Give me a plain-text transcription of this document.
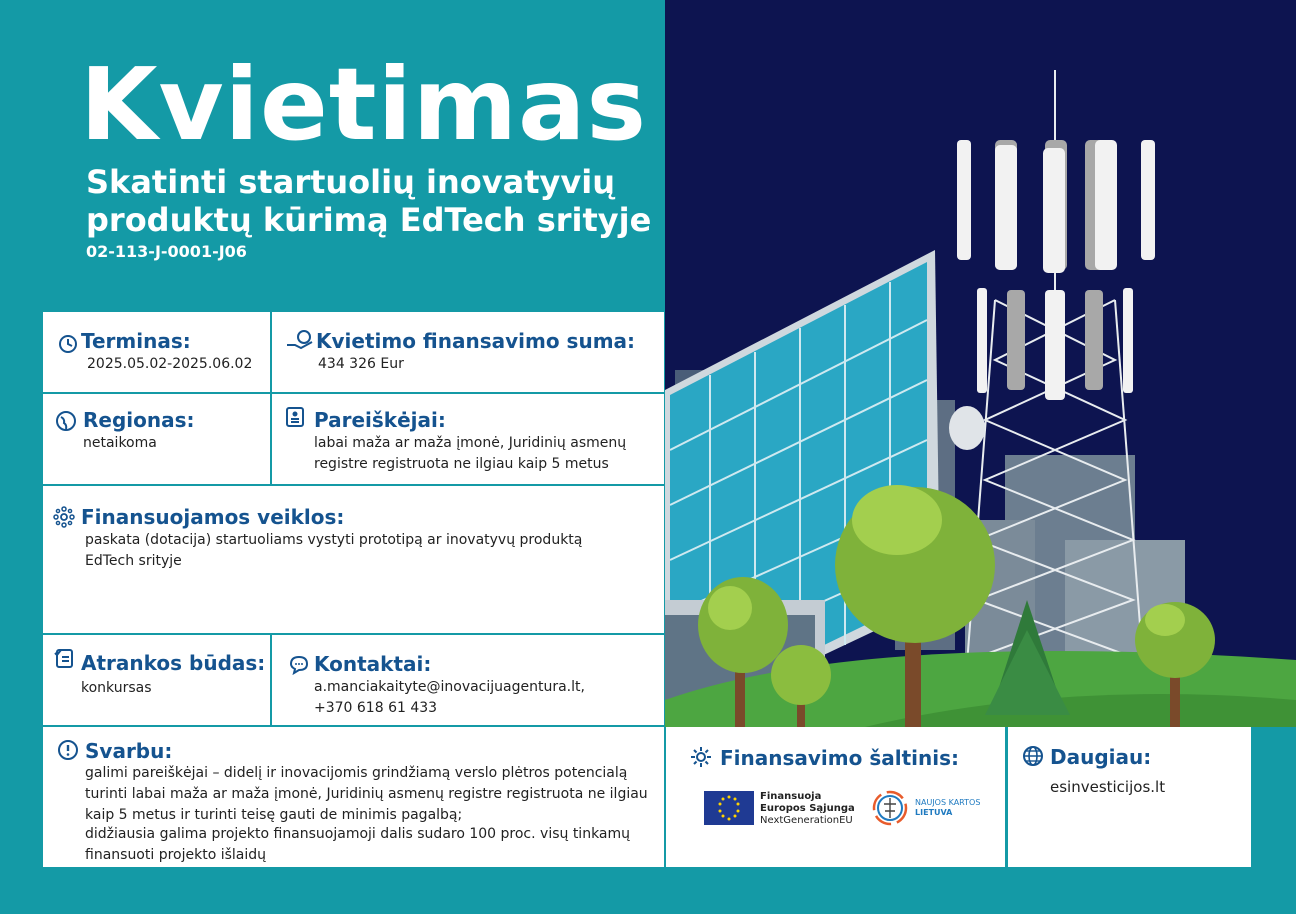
Kvietimas
Skatinti startuolių inovatyvių produktų kūrimą EdTech srityje
02-113-J-0001-J06
Terminas:
2025.05.02-2025.06.02
Kvietimo finansavimo suma:
434 326 Eur
Regionas:
netaikoma
Pareiškėjai:
labai maža ar maža įmonė, Juridinių asmenų registre registruota ne ilgiau kaip 5 metus
Finansuojamos veiklos:
paskata (dotacija) startuoliams vystyti prototipą ar inovatyvų produktą EdTech srityje
Atrankos būdas:
konkursas
Kontaktai:
a.manciakaityte@inovacijuagentura.lt,
+370 618 61 433
Svarbu:
galimi pareiškėjai – didelį ir inovacijomis grindžiamą verslo plėtros potencialą turinti labai maža ar maža įmonė, Juridinių asmenų registre registruota ne ilgiau kaip 5 metus ir turinti teisę gauti de minimis pagalbą;
didžiausia galima projekto finansuojamoji dalis sudaro 100 proc. visų tinkamų finansuoti projekto išlaidų
Finansavimo šaltinis:
Finansuoja
Europos Sąjunga
NextGenerationEU
NAUJOS KARTOS
LIETUVA
Daugiau:
esinvesticijos.lt
